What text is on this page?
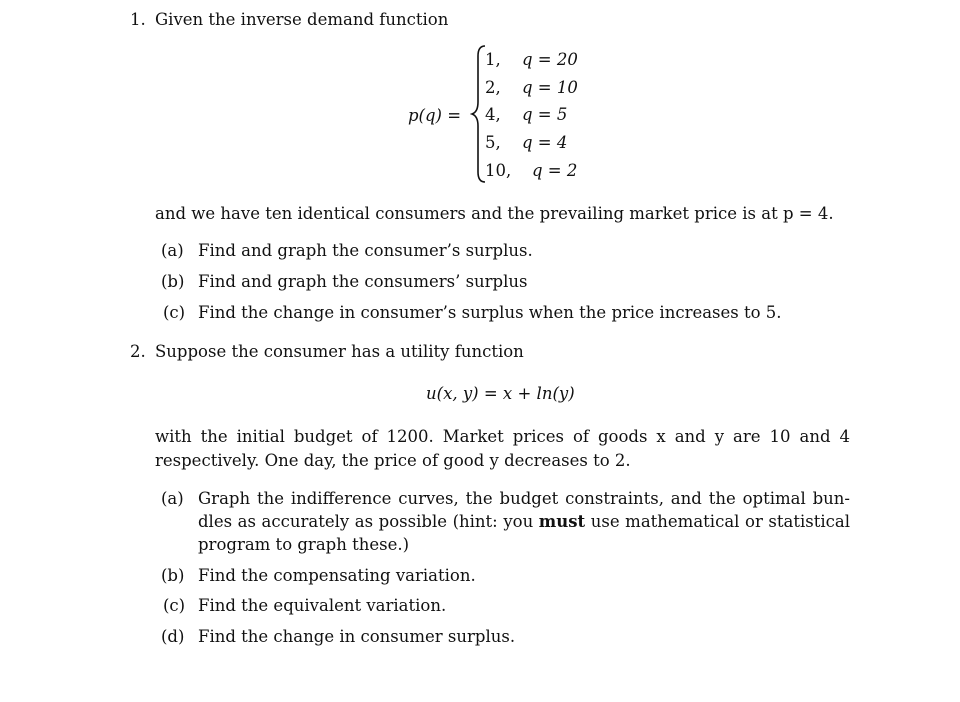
1. Given the inverse demand function
p(q) =
1, q = 20
2, q = 10
4, q = 5
5, q = 4
10, q = 2
and we have ten identical consumers and the prevailing market price is at p = 4.
(a) Find and graph the consumer’s surplus.
(b) Find and graph the consumers’ surplus
(c) Find the change in consumer’s surplus when the price increases to 5.
2. Suppose the consumer has a utility function
u(x, y) = x + ln(y)
with the initial budget of 1200. Market prices of goods x and y are 10 and 4
respectively. One day, the price of good y decreases to 2.
(a) Graph the indifference curves, the budget constraints, and the optimal bun-
dles as accurately as possible (hint: you must use mathematical or statistical
program to graph these.)
(b) Find the compensating variation.
(c) Find the equivalent variation.
(d) Find the change in consumer surplus.
